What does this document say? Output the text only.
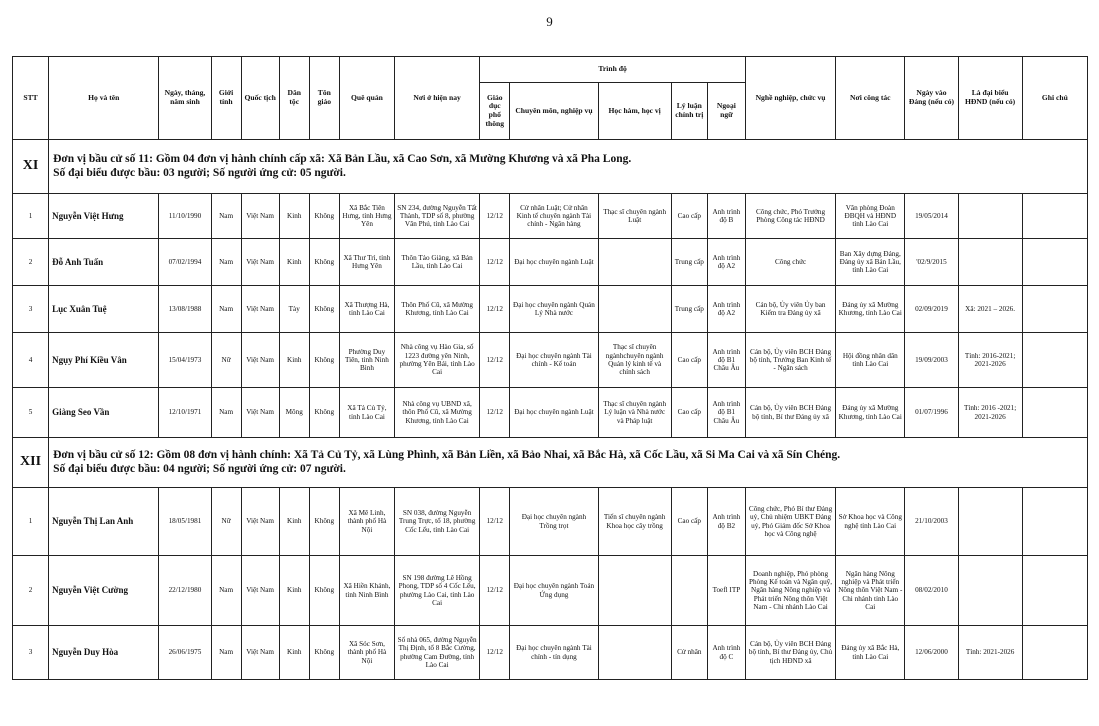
9
STT	Họ và tên	Ngày, tháng, năm sinh	Giới tính	Quốc tịch	Dân tộc	Tôn giáo	Quê quán	Nơi ở hiện nay	Trình độ					Nghề nghiệp, chức vụ	Nơi công tác	Ngày vào Đảng (nếu có)	Là đại biểu HĐND (nếu có)	Ghi chú
									Giáo dục phổ thông	Chuyên môn, nghiệp vụ	Học hàm, học vị	Lý luận chính trị	Ngoại ngữ					
XI	Đơn vị bầu cử số 11: Gồm 04 đơn vị hành chính cấp xã: Xã Bản Lầu, xã Cao Sơn, xã Mường Khương và xã Pha Long.
Số đại biểu được bầu: 03 người; Số người ứng cử: 05 người.																	

1	Nguyễn Việt Hưng	11/10/1990	Nam	Việt Nam	Kinh	Không	Xã Bắc Tiên Hưng, tỉnh Hưng Yên	SN 234, đường Nguyễn Tất Thành, TDP số 8, phường Văn Phú, tỉnh Lào Cai	12/12	Cử nhân Luật; Cử nhân Kinh tế chuyên ngành Tài chính - Ngân hàng	Thạc sĩ chuyên ngành Luật	Cao cấp	Anh trình độ B	Công chức, Phó Trưởng Phòng Công tác HĐND	Văn phòng Đoàn ĐBQH và HĐND tỉnh Lào Cai	19/05/2014		
2	Đỗ Anh Tuấn	07/02/1994	Nam	Việt Nam	Kinh	Không	Xã Thư Trì, tỉnh Hưng Yên	Thôn Tảo Giàng, xã Bản Lầu, tỉnh Lào Cai	12/12	Đại học chuyên ngành Luật		Trung cấp	Anh trình độ A2	Công chức	Ban Xây dựng Đảng, Đảng ủy xã Bản Lầu, tỉnh Lào Cai	'02/9/2015		
3	Lục Xuân Tuệ	13/08/1988	Nam	Việt Nam	Tày	Không	Xã Thượng Hà, tỉnh Lào Cai	Thôn Phố Cũ, xã Mường Khương, tỉnh Lào Cai	12/12	Đại học chuyên ngành Quản Lý Nhà nước		Trung cấp	Anh trình độ A2	Cán bộ, Ủy viên Ủy ban Kiểm tra Đảng ủy xã	Đảng ủy xã Mường Khương, tỉnh Lào Cai	02/09/2019	Xã: 2021 – 2026.	
4	Ngụy Phí Kiều Vân	15/04/1973	Nữ	Việt Nam	Kinh	Không	Phường Duy Tiên, tỉnh Ninh Bình	Nhà công vụ Hào Gia, số 1223 đường yên Ninh, phường Yên Bái, tỉnh Lào Cai	12/12	Đại học chuyên ngành Tài chính - Kế toán	Thạc sĩ chuyên ngànhchuyên ngành Quản lý kinh tế và chính sách	Cao cấp	Anh trình độ B1 Châu Âu	Cán bộ, Ủy viên BCH Đảng bộ tỉnh, Trưởng Ban Kinh tế - Ngân sách	Hội đồng nhân dân tỉnh Lào Cai	19/09/2003	Tỉnh: 2016-2021; 2021-2026	
5	Giàng Seo Vần	12/10/1971	Nam	Việt Nam	Mông	Không	Xã Tả Củ Tỷ, tỉnh Lào Cai	Nhà công vụ UBND xã, thôn Phố Cũ, xã Mường Khương, tỉnh Lào Cai	12/12	Đại học chuyên ngành Luật	Thạc sĩ chuyên ngành Lý luận và Nhà nước và Pháp luật	Cao cấp	Anh trình độ B1 Châu Âu	Cán bộ, Ủy viên BCH Đảng bộ tỉnh, Bí thư Đảng ủy xã	Đảng ủy xã Mường Khương, tỉnh Lào Cai	01/07/1996	Tỉnh: 2016 -2021; 2021-2026	
XII	Đơn vị bầu cử số 12: Gồm 08 đơn vị hành chính: Xã Tả Củ Tỷ, xã Lùng Phình, xã Bản Liền, xã Bảo Nhai, xã Bắc Hà, xã Cốc Lầu, xã Si Ma Cai và xã Sín Chéng.
Số đại biểu được bầu: 04 người; Số người ứng cử: 07 người.																	

1	Nguyễn Thị Lan Anh	18/05/1981	Nữ	Việt Nam	Kinh	Không	Xã Mê Linh, thành phố Hà Nội	SN 038, đường Nguyễn Trung Trực, tổ 18, phường Cốc Lếu, tỉnh Lào Cai	12/12	Đại học chuyên ngành Trồng trọt	Tiến sĩ chuyên ngành Khoa học cây trồng	Cao cấp	Anh trình độ B2	Công chức, Phó Bí thư Đảng uỷ, Chủ nhiệm UBKT Đảng uỷ, Phó Giám đốc Sở Khoa học và Công nghệ	Sở Khoa học và Công nghệ tỉnh Lào Cai	21/10/2003		
2	Nguyễn Việt Cường	22/12/1980	Nam	Việt Nam	Kinh	Không	Xã Hiền Khánh, tỉnh Ninh Bình	SN 198 đường Lê Hồng Phong, TDP số 4 Cốc Lếu, phường Lào Cai, tỉnh Lào Cai	12/12	Đại học chuyên ngành Toán Ứng dụng			Toefl ITP	Doanh nghiệp, Phó phòng Phòng Kế toán và Ngân quỹ, Ngân hàng Nông nghiệp và Phát triển Nông thôn Việt Nam - Chi nhánh Lào Cai	Ngân hàng Nông nghiệp và Phát triển Nông thôn Việt Nam - Chi nhánh tỉnh Lào Cai	08/02/2010		
3	Nguyễn Duy Hòa	26/06/1975	Nam	Việt Nam	Kinh	Không	Xã Sóc Sơn, thành phố Hà Nội	Số nhà 065, đường Nguyễn Thị Định, tổ 8 Bắc Cường, phường Cam Đường, tỉnh Lào Cai	12/12	Đại học chuyên ngành Tài chính - tín dụng		Cử nhân	Anh trình độ C	Cán bộ, Ủy viên BCH Đảng bộ tỉnh, Bí thư Đảng ủy, Chủ tịch HĐND xã	Đảng ủy xã Bắc Hà, tỉnh Lào Cai	12/06/2000	Tỉnh: 2021-2026	
